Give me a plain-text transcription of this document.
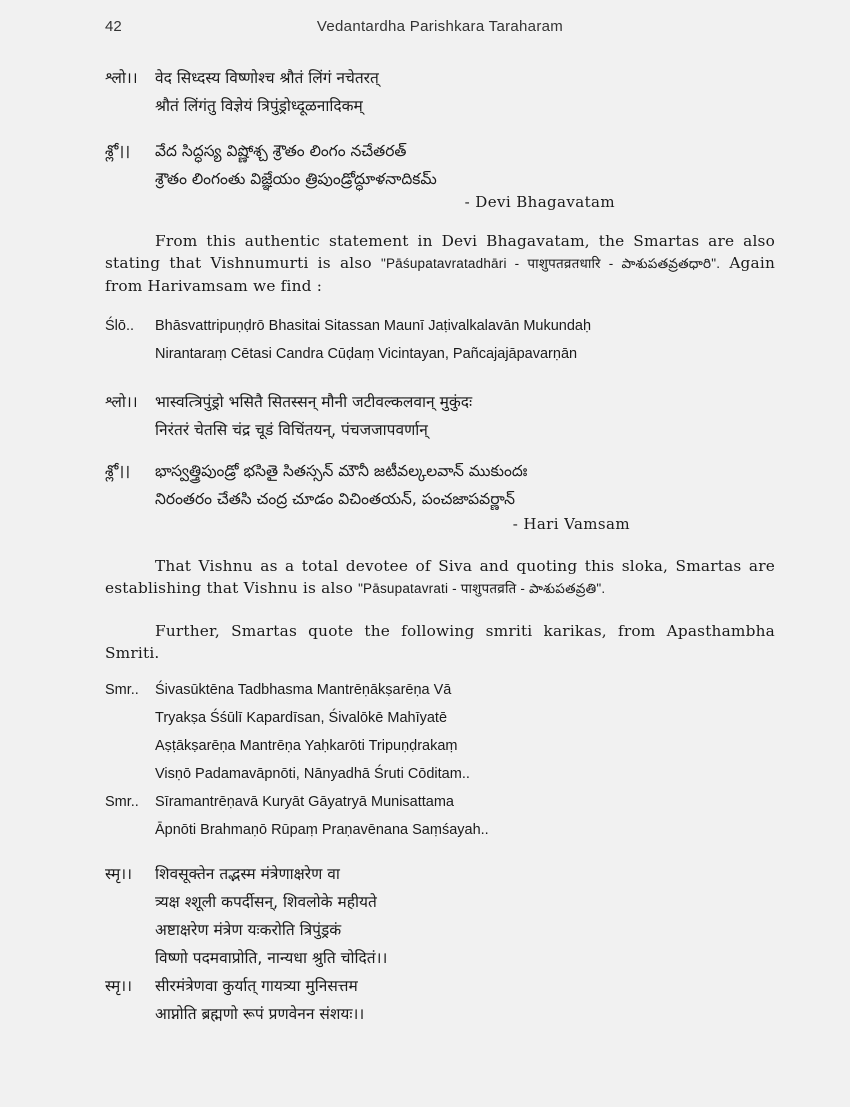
42	Vedantardha Parishkara Taraharam
श्लो।।	वेद सिध्दस्य विष्णोश्च श्रौतं लिंगं नचेतरत्
श्रौतं लिंगंतु विज्ञेयं त्रिपुंड्रोध्दूळनादिकम्
శ్లో।।	వేద సిద్ధస్య విష్ణోశ్చ శ్రౌతం లింగం నచేతరత్
శ్రౌతం లింగంతు విజ్ఞేయం త్రిపుండ్రోద్ధూళనాదికమ్
- Devi Bhagavatam
From this authentic statement in Devi Bhagavatam, the Smartas are also stating that Vishnumurti is also "Pāśupatavratadhāri - पाशुपतव्रतधारि - పాశుపతవ్రతధారి". Again from Harivamsam we find :
Ślō..	Bhāsvattripuṇḍrō Bhasitai Sitassan Maunī Jaṭivalkalavān Mukundaḥ
Nirantaraṃ Cētasi Candra Cūḍaṃ Vicintayan, Pañcajajāpavarṇān
श्लो।।	भास्वत्त्रिपुंड्रो भसितै सितस्सन् मौनी जटीवल्कलवान् मुकुंदः
निरंतरं चेतसि चंद्र चूडं विचिंतयन्, पंचजजापवर्णान्
శ్లో।।	భాస్వత్త్రిపుండ్రో భసితై సితస్సన్ మౌనీ జటీవల్కలవాన్ ముకుందః
నిరంతరం చేతసి చంద్ర చూడం విచింతయన్, పంచజాపవర్ణాన్
- Hari Vamsam
That Vishnu as a total devotee of Siva and quoting this sloka, Smartas are establishing that Vishnu is also "Pāsupatavrati - पाशुपतव्रति - పాశుపతవ్రతి".
Further, Smartas quote the following smriti karikas, from Apasthambha Smriti.
Smr..	Śivasūktēna Tadbhasma Mantrēṇākṣarēṇa Vā
Tryakṣa Śśūlī Kapardīsan, Śivalōkē Mahīyatē
Aṣṭākṣarēṇa Mantrēṇa Yaḥkarōti Tripuṇḍrakaṃ
Visṇō Padamavāpnōti, Nānyadhā Śruti Cōditam..
Smr..	Sīramantrēṇavā Kuryāt Gāyatryā Munisattama
Āpnōti Brahmaṇō Rūpaṃ Praṇavēnana Saṃśayah..
स्मृ।।	शिवसूक्तेन तद्भस्म मंत्रेणाक्षरेण वा
त्र्यक्ष श्शूली कपर्दीसन्, शिवलोके महीयते
अष्टाक्षरेण मंत्रेण यःकरोति त्रिपुंड्रकं
विष्णो पदमवाप्रोति, नान्यधा श्रुति चोदितं।।
स्मृ।।	सीरमंत्रेणवा कुर्यात् गायत्र्या मुनिसत्तम
आप्नोति ब्रह्मणो रूपं प्रणवेनन संशयः।।
